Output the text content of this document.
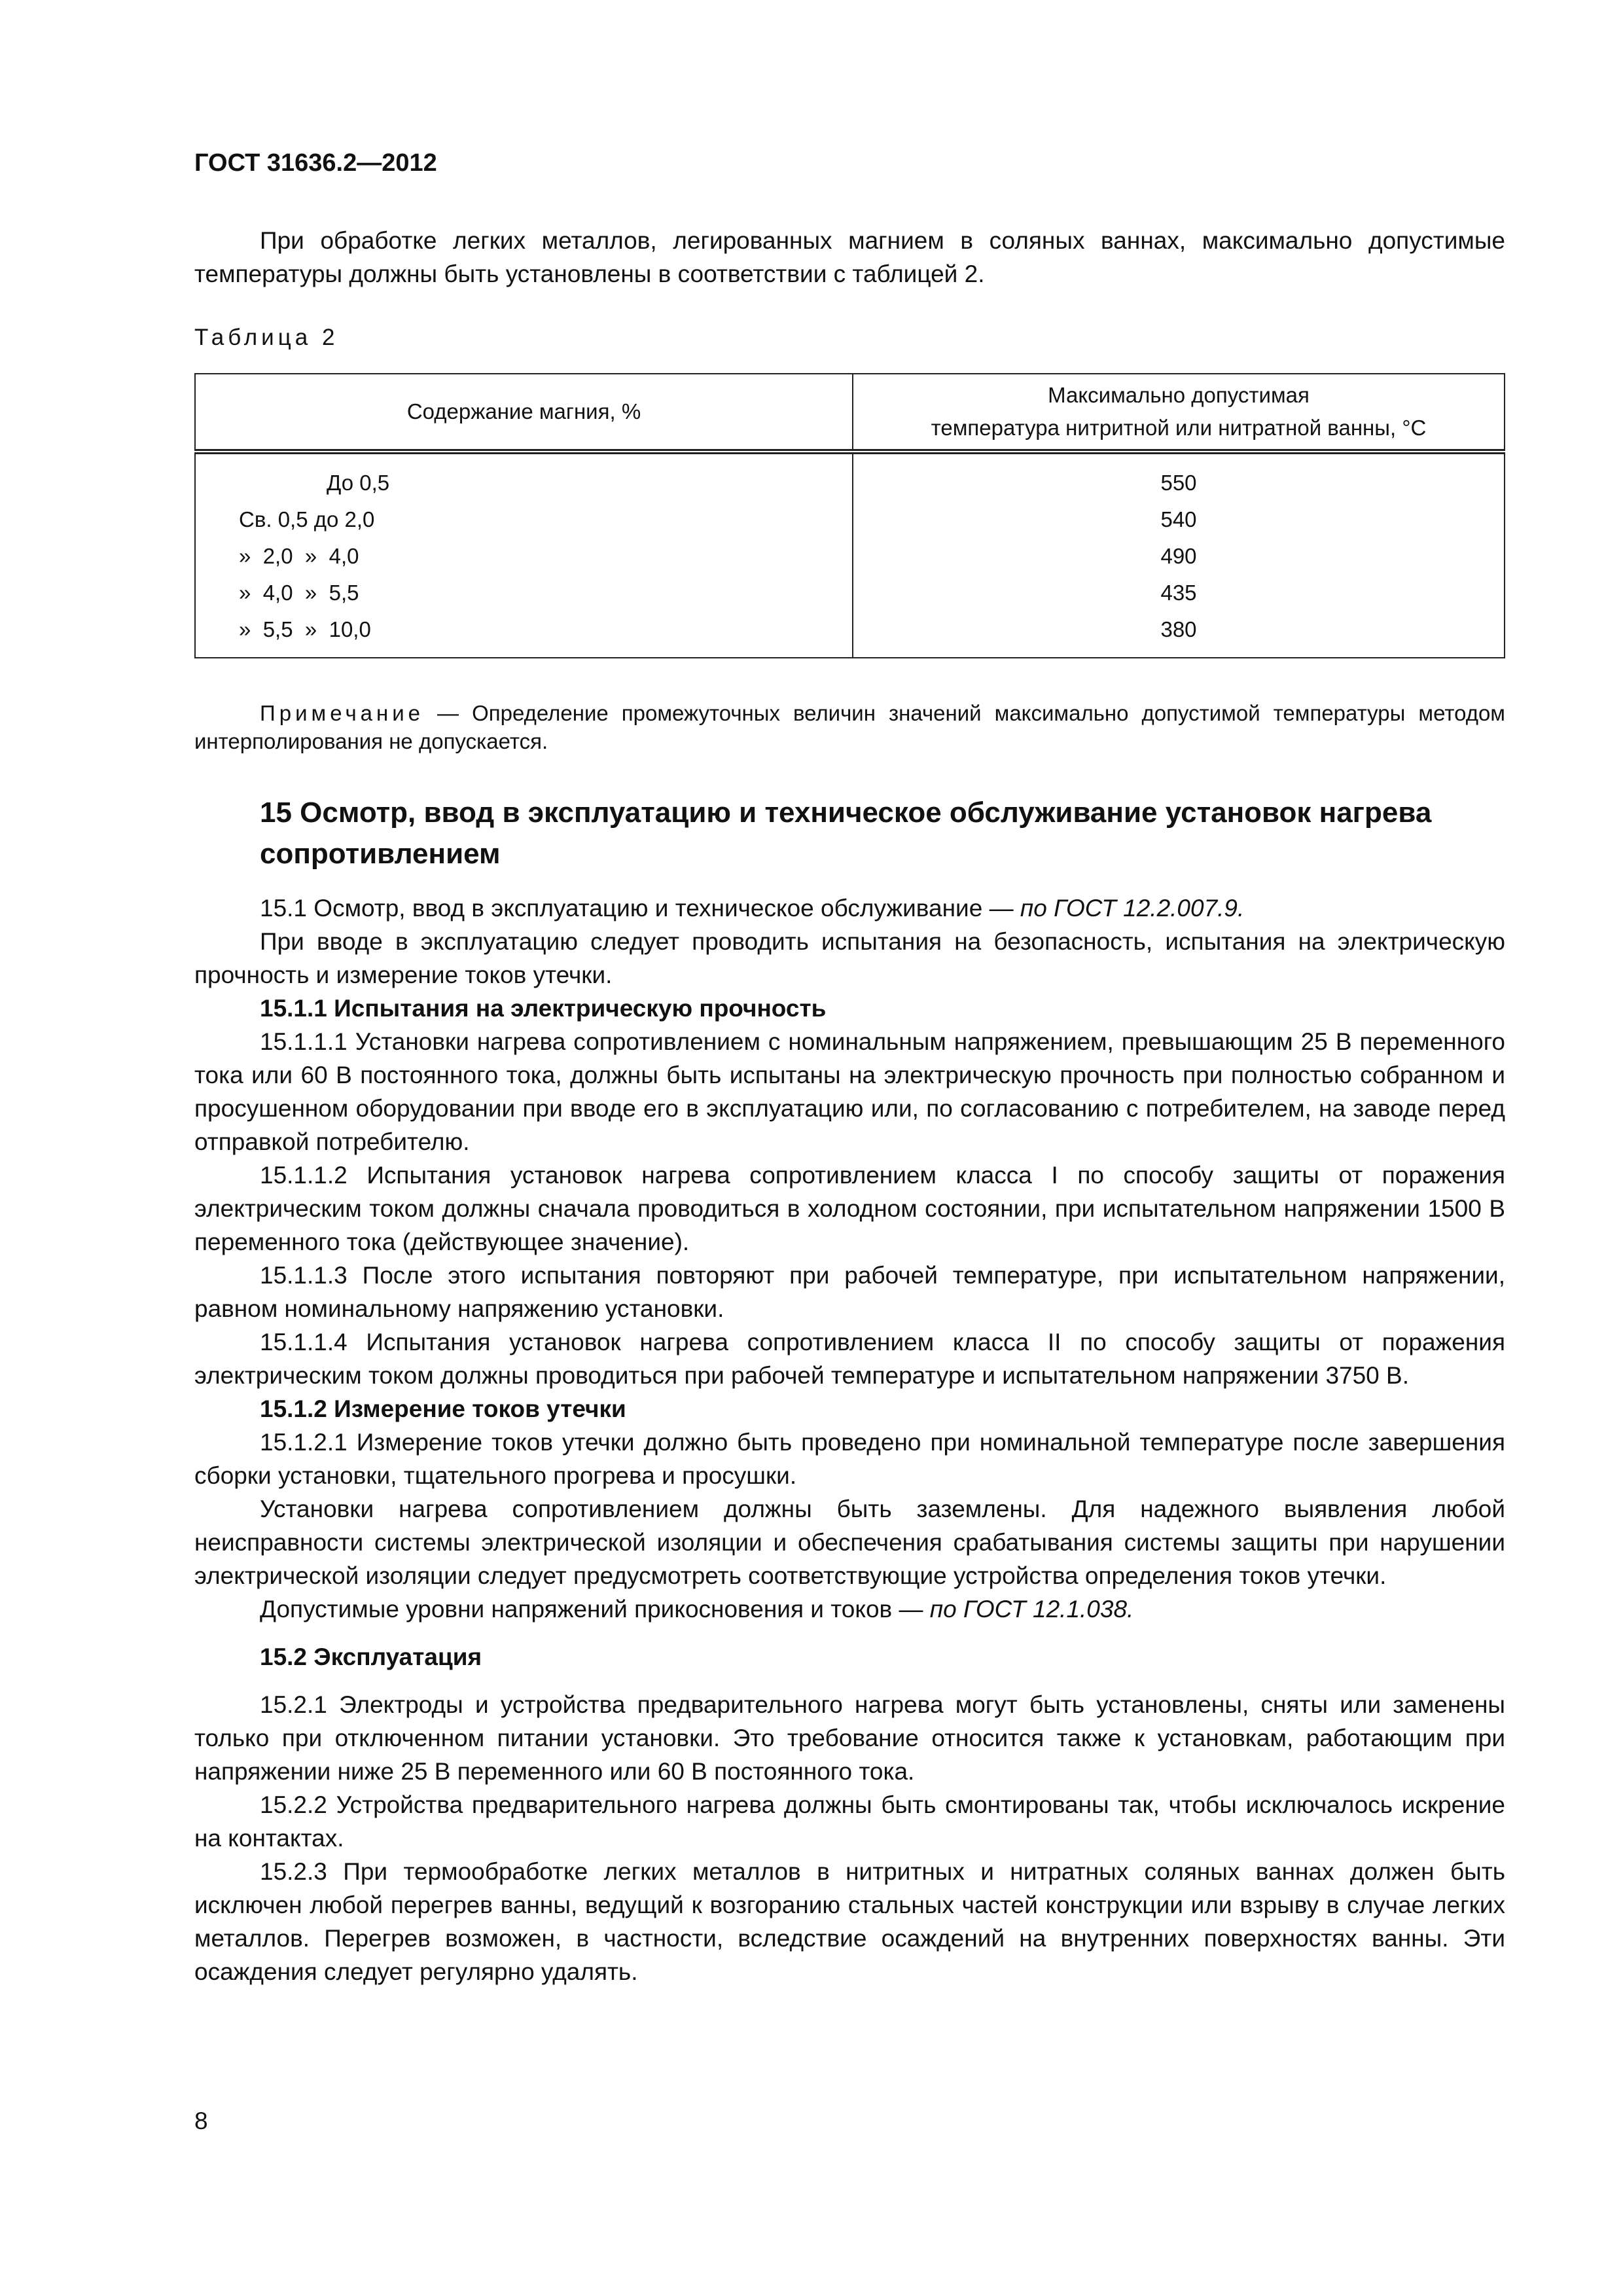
ГОСТ 31636.2—2012

При обработке легких металлов, легированных магнием в соляных ваннах, максимально допустимые температуры должны быть установлены в соответствии с таблицей 2.

Таблица 2

Содержание магния, %	Максимально допустимая
температура нитритной или нитратной ванны, °С

До 0,5	550
Св. 0,5 до 2,0	540
»  2,0  »  4,0	490
»  4,0  »  5,5	435
»  5,5  »  10,0	380

Примечание — Определение промежуточных величин значений максимально допустимой температуры методом интерполирования не допускается.

15 Осмотр, ввод в эксплуатацию и техническое обслуживание установок нагрева сопротивлением

15.1 Осмотр, ввод в эксплуатацию и техническое обслуживание — по ГОСТ 12.2.007.9.

При вводе в эксплуатацию следует проводить испытания на безопасность, испытания на электрическую прочность и измерение токов утечки.

15.1.1 Испытания на электрическую прочность

15.1.1.1 Установки нагрева сопротивлением с номинальным напряжением, превышающим 25 В переменного тока или 60 В постоянного тока, должны быть испытаны на электрическую прочность при полностью собранном и просушенном оборудовании при вводе его в эксплуатацию или, по согласованию с потребителем, на заводе перед отправкой потребителю.

15.1.1.2 Испытания установок нагрева сопротивлением класса I по способу защиты от поражения электрическим током должны сначала проводиться в холодном состоянии, при испытательном напряжении 1500 В переменного тока (действующее значение).

15.1.1.3 После этого испытания повторяют при рабочей температуре, при испытательном напряжении, равном номинальному напряжению установки.

15.1.1.4 Испытания установок нагрева сопротивлением класса II по способу защиты от поражения электрическим током должны проводиться при рабочей температуре и испытательном напряжении 3750 В.

15.1.2 Измерение токов утечки

15.1.2.1 Измерение токов утечки должно быть проведено при номинальной температуре после завершения сборки установки, тщательного прогрева и просушки.

Установки нагрева сопротивлением должны быть заземлены. Для надежного выявления любой неисправности системы электрической изоляции и обеспечения срабатывания системы защиты при нарушении электрической изоляции следует предусмотреть соответствующие устройства определения токов утечки.

Допустимые уровни напряжений прикосновения и токов — по ГОСТ 12.1.038.

15.2 Эксплуатация

15.2.1 Электроды и устройства предварительного нагрева могут быть установлены, сняты или заменены только при отключенном питании установки. Это требование относится также к установкам, работающим при напряжении ниже 25 В переменного или 60 В постоянного тока.

15.2.2 Устройства предварительного нагрева должны быть смонтированы так, чтобы исключалось искрение на контактах.

15.2.3 При термообработке легких металлов в нитритных и нитратных соляных ваннах должен быть исключен любой перегрев ванны, ведущий к возгоранию стальных частей конструкции или взрыву в случае легких металлов. Перегрев возможен, в частности, вследствие осаждений на внутренних поверхностях ванны. Эти осаждения следует регулярно удалять.

8
